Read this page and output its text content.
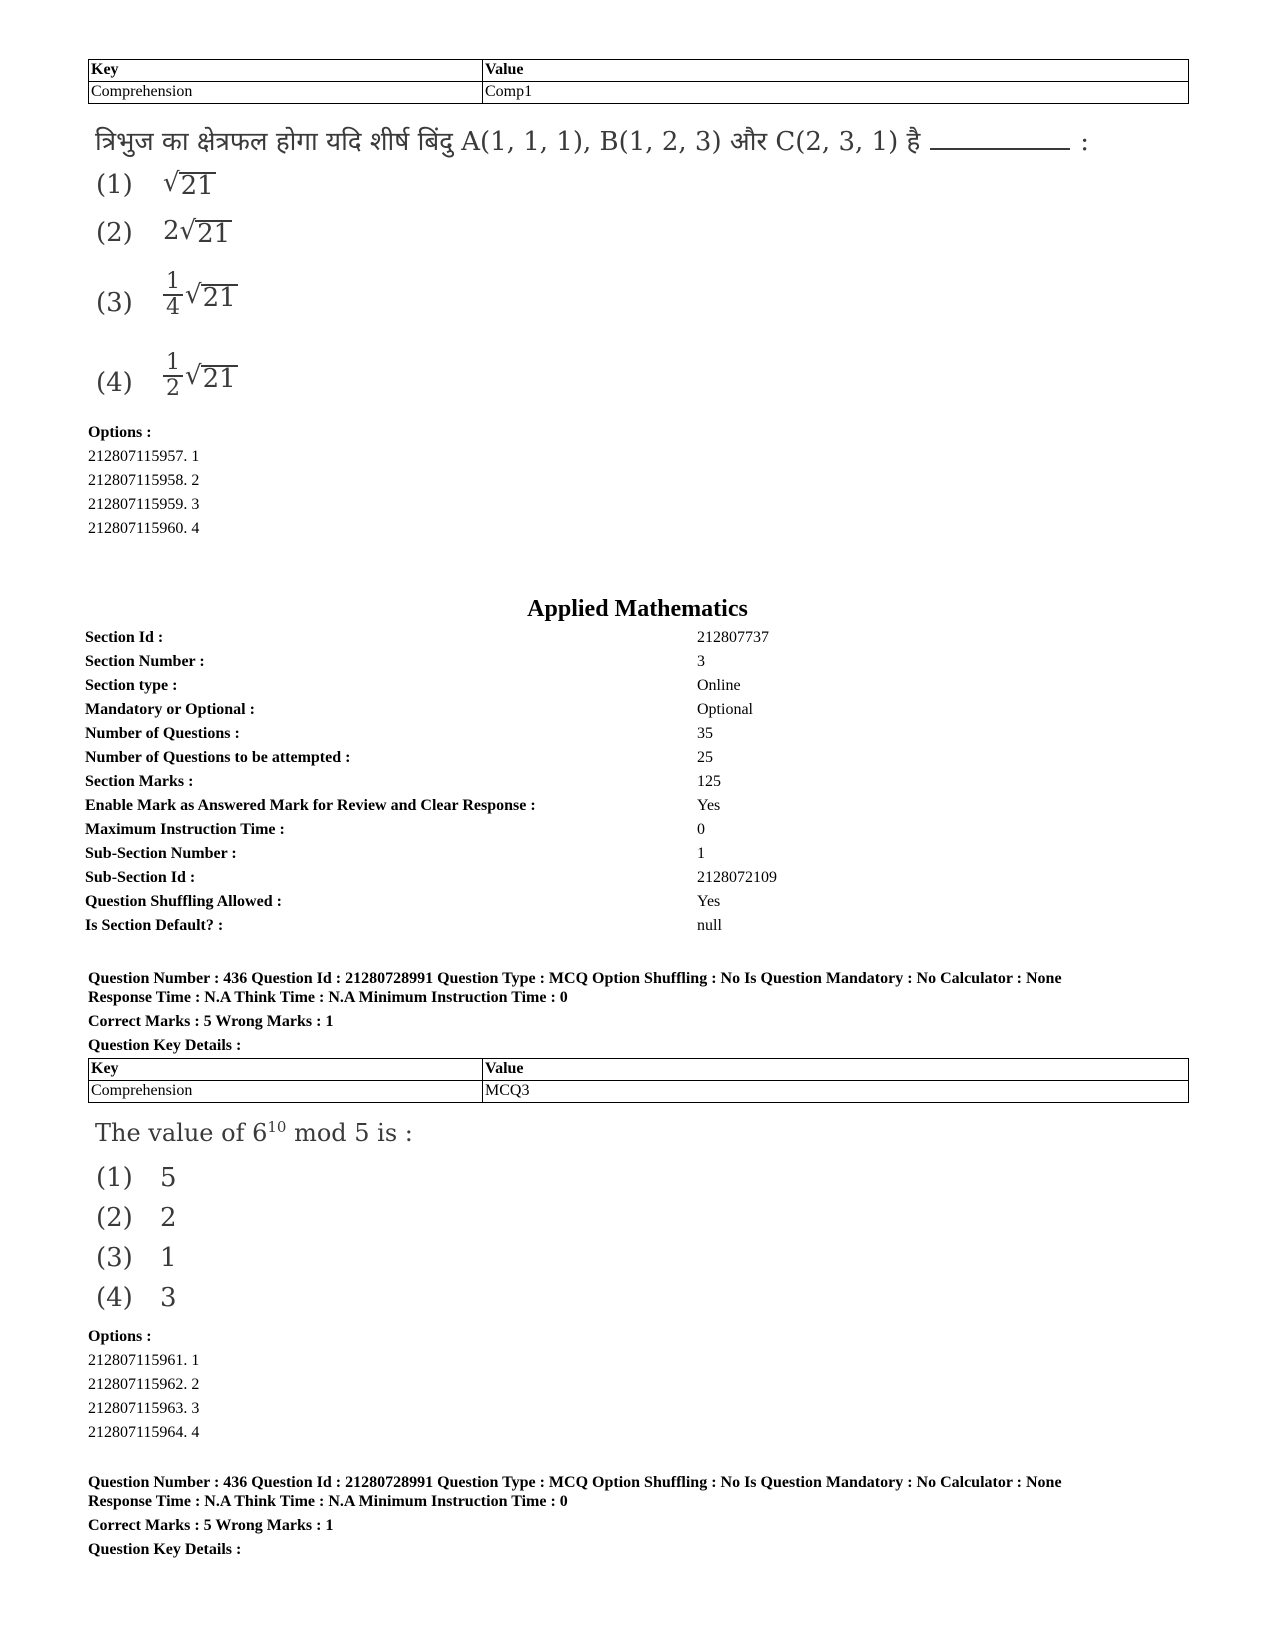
Key	Value
Comprehension	Comp1
त्रिभुज का क्षेत्रफल होगा यदि शीर्ष बिंदु A(1, 1, 1), B(1, 2, 3) और C(2, 3, 1) है	:
(1) √ 21
(2) 2 √ 21
$(3) \frac{1}{4}$ √ 21
$(4) \frac{1}{2}$ √ 21
Options :
212807115957. 1
212807115958. 2
212807115959. 3
212807115960. 4
Applied Mathematics
Section Id :	212807737
Section Number :	3
Section type :	Online
Mandatory or Optional :	Optional
Number of Questions :	35
Number of Questions to be attempted :	25
Section Marks :	125
Enable Mark as Answered Mark for Review and Clear Response :	Yes
Maximum Instruction Time :	0
Sub-Section Number :	1
Sub-Section Id :	2128072109
Question Shuffling Allowed :	Yes
Is Section Default? :	null
Question Number : 436 Question Id : 21280728991 Question Type : MCQ Option Shuffling : No Is Question Mandatory : No Calculator : None
Response Time : N.A Think Time : N.A Minimum Instruction Time : 0
Correct Marks : 5 Wrong Marks : 1
Question Key Details :
Key	Value
Comprehension	MCQ3
The value of $6^{10}$ mod 5 is :
(1) 5
(2) 2
(3) 1
(4) 3
Options :
212807115961. 1
212807115962. 2
212807115963. 3
212807115964. 4
Question Number : 436 Question Id : 21280728991 Question Type : MCQ Option Shuffling : No Is Question Mandatory : No Calculator : None
Response Time : N.A Think Time : N.A Minimum Instruction Time : 0
Correct Marks : 5 Wrong Marks : 1
Question Key Details :
